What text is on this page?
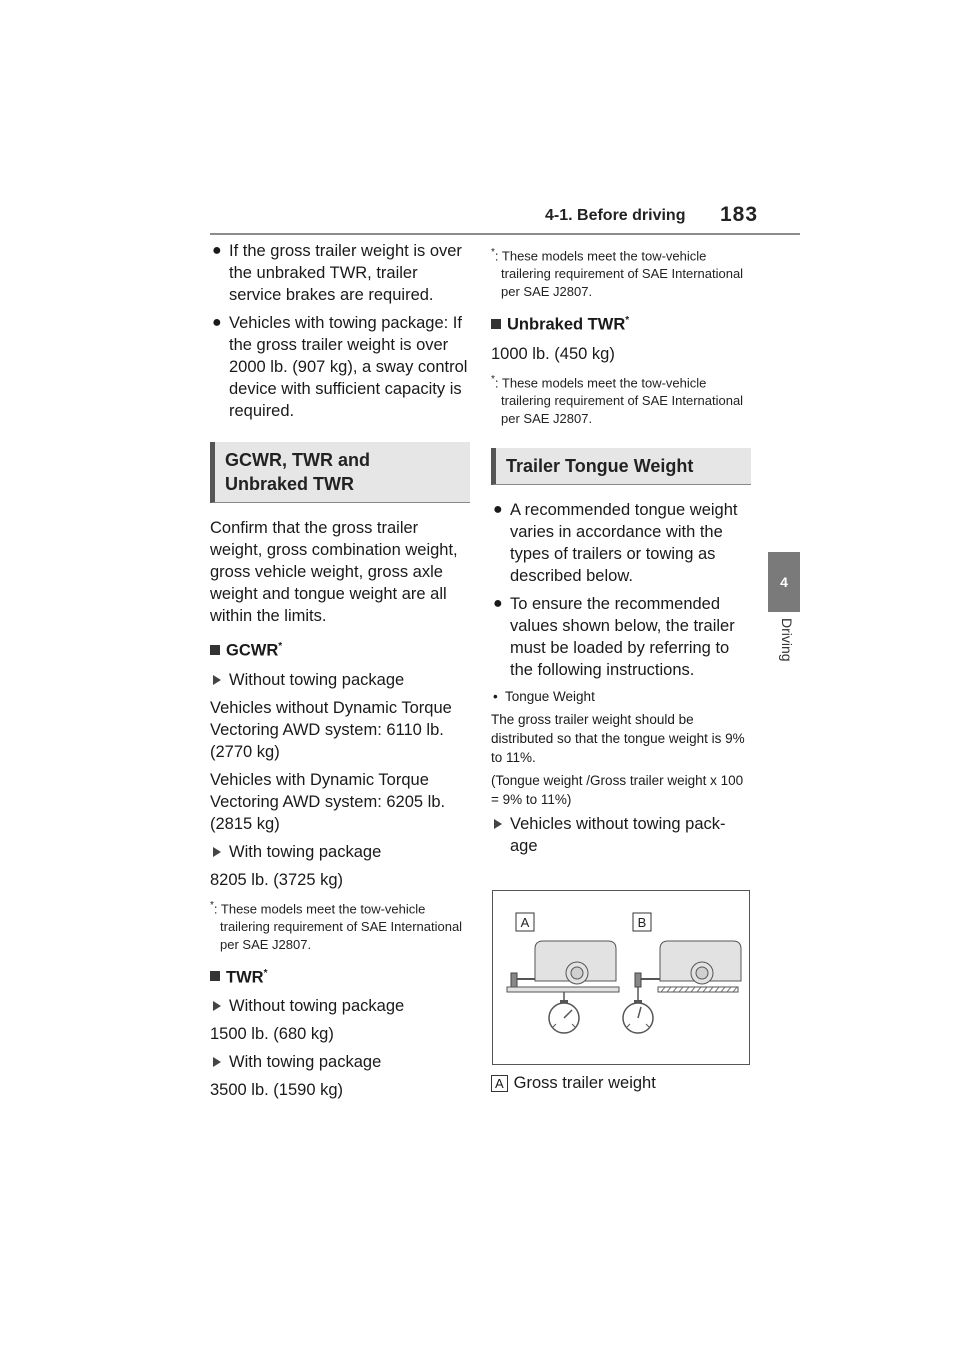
4-1. Before driving 183
4
Driving
● If the gross trailer weight is over the unbraked TWR, trailer service brakes are required.
● Vehicles with towing package: If the gross trailer weight is over 2000 lb. (907 kg), a sway control device with sufficient capacity is required.
GCWR, TWR and
Unbraked TWR
Confirm that the gross trailer weight, gross combination weight, gross vehicle weight, gross axle weight and tongue weight are all within the limits.
GCWR*
Without towing package
Vehicles without Dynamic Torque Vectoring AWD system: 6110 lb. (2770 kg)
Vehicles with Dynamic Torque Vectoring AWD system: 6205 lb. (2815 kg)
With towing package
8205 lb. (3725 kg)
*: These models meet the tow-vehicle trailering requirement of SAE International per SAE J2807.
TWR*
Without towing package
1500 lb. (680 kg)
With towing package
3500 lb. (1590 kg)
*: These models meet the tow-vehicle trailering requirement of SAE International per SAE J2807.
Unbraked TWR*
1000 lb. (450 kg)
*: These models meet the tow-vehicle trailering requirement of SAE International per SAE J2807.
Trailer Tongue Weight
● A recommended tongue weight varies in accordance with the types of trailers or towing as described below.
● To ensure the recommended values shown below, the trailer must be loaded by referring to the following instructions.
• Tongue Weight
The gross trailer weight should be distributed so that the tongue weight is 9% to 11%.
(Tongue weight /Gross trailer weight x 100 = 9% to 11%)
Vehicles without towing pack-
age
A	B
A Gross trailer weight
